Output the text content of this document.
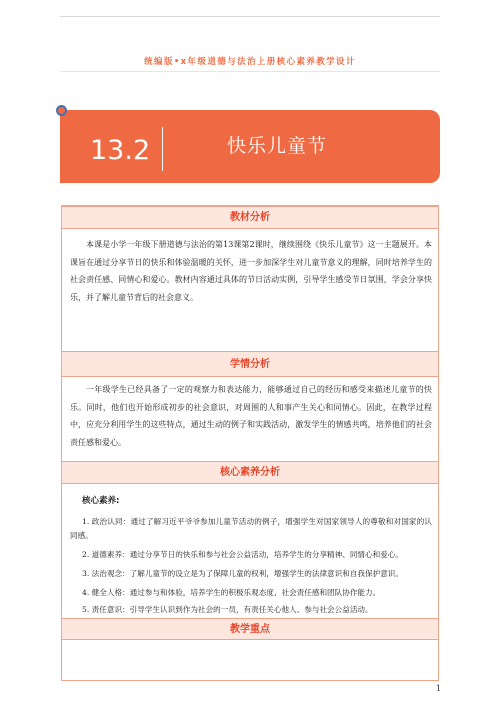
统编版•x年级道德与法治上册核心素养教学设计
13.2	快乐儿童节
教材分析

本课是小学一年级下册道德与法治的第13课第2课时，继续围绕《快乐儿童节》这一主题展开。本课旨在通过分享节日的快乐和体验温暖的关怀，进一步加深学生对儿童节意义的理解，同时培养学生的社会责任感、同情心和爱心。教材内容通过具体的节日活动实例，引导学生感受节日氛围，学会分享快乐，并了解儿童节背后的社会意义。

学情分析

一年级学生已经具备了一定的观察力和表达能力，能够通过自己的经历和感受来描述儿童节的快乐。同时，他们也开始形成初步的社会意识，对周围的人和事产生关心和同情心。因此，在教学过程中，应充分利用学生的这些特点，通过生动的例子和实践活动，激发学生的情感共鸣，培养他们的社会责任感和爱心。

核心素养分析

核心素养:

1. 政治认同：通过了解习近平爷爷参加儿童节活动的例子，增强学生对国家领导人的尊敬和对国家的认同感。

2. 道德素养：通过分享节日的快乐和参与社会公益活动，培养学生的分享精神、同情心和爱心。

3. 法治观念：了解儿童节的设立是为了保障儿童的权利，增强学生的法律意识和自我保护意识。

4. 健全人格：通过参与和体验，培养学生的积极乐观态度、社会责任感和团队协作能力。

5. 责任意识：引导学生认识到作为社会的一员，有责任关心他人、参与社会公益活动。

教学重点
1
